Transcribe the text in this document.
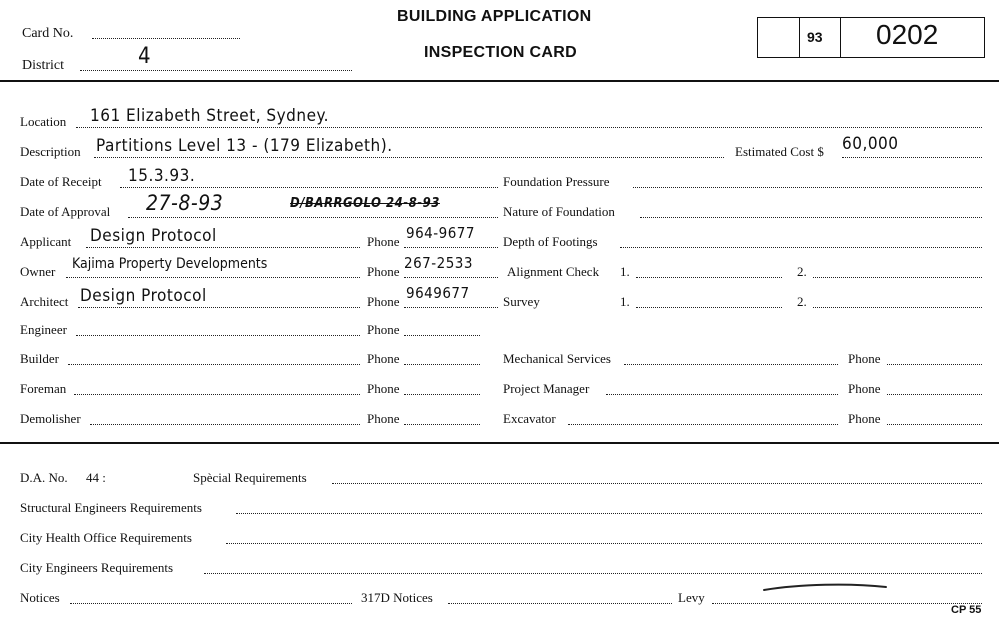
Card No.
District	4
BUILDING APPLICATION
INSPECTION CARD
93 0202
Location 161 Elizabeth Street, Sydney.
Description Partitions Level 13 - (179 Elizabeth).	Estimated Cost $ 60,000
Date of Receipt 15.3.93.	Foundation Pressure
Date of Approval 27-8-93	D/BARRGOLO 24-8-93
Nature of Foundation
Applicant Design Protocol	Phone 964-9677 Depth of Footings
Owner Kajima Property Developments	Phone 267-2533	Alignment Check 1.	2.
Architect Design Protocol	Phone 9649677	Survey	1.	2.
Engineer	Phone
Builder	Phone	Mechanical Services	Phone
Foreman	Phone	Project Manager	Phone
Demolisher	Phone	Excavator	Phone
D.A. No. 44 :	Spècial Requirements
Structural Engineers Requirements
City Health Office Requirements
City Engineers Requirements
Notices	317D Notices	Levy
CP 55
